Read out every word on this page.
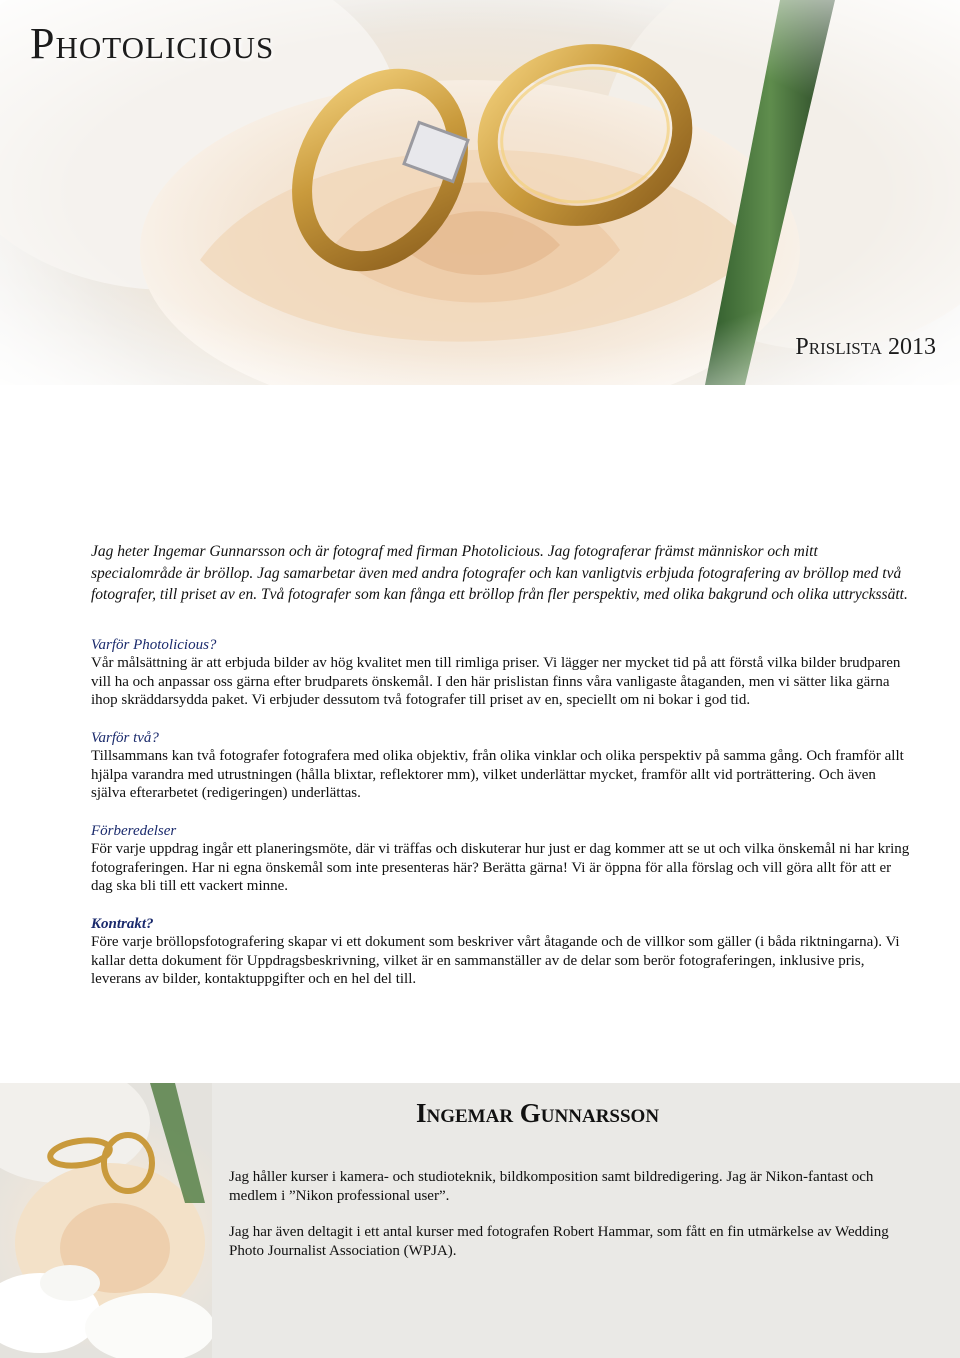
Photolicious
Prislista 2013

Jag heter Ingemar Gunnarsson och är fotograf med firman Photolicious. Jag fotograferar främst människor och mitt specialområde är bröllop. Jag samarbetar även med andra fotografer och kan vanligtvis erbjuda fotografering av bröllop med två fotografer, till priset av en. Två fotografer som kan fånga ett bröllop från fler perspektiv, med olika bakgrund och olika uttryckssätt.

Varför Photolicious?

Vår målsättning är att erbjuda bilder av hög kvalitet men till rimliga priser. Vi lägger ner mycket tid på att förstå vilka bilder brudparen vill ha och anpassar oss gärna efter brudparets önskemål. I den här prislistan finns våra vanligaste åtaganden, men vi sätter lika gärna ihop skräddarsydda paket. Vi erbjuder dessutom två fotografer till priset av en, speciellt om ni bokar i god tid.

Varför två?

Tillsammans kan två fotografer fotografera med olika objektiv, från olika vinklar och olika perspektiv på samma gång. Och framför allt hjälpa varandra med utrustningen (hålla blixtar, reflektorer mm), vilket underlättar mycket, framför allt vid porträttering. Och även själva efterarbetet (redigeringen) underlättas.

Förberedelser

För varje uppdrag ingår ett planeringsmöte, där vi träffas och diskuterar hur just er dag kommer att se ut och vilka önskemål ni har kring fotograferingen. Har ni egna önskemål som inte presenteras här? Berätta gärna! Vi är öppna för alla förslag och vill göra allt för att er dag ska bli till ett vackert minne.

Kontrakt?

Före varje bröllopsfotografering skapar vi ett dokument som beskriver vårt åtagande och de villkor som gäller (i båda riktningarna). Vi kallar detta dokument för Uppdragsbeskrivning, vilket är en sammanställer av de delar som berör fotograferingen, inklusive pris, leverans av bilder, kontaktuppgifter och en hel del till.

Ingemar Gunnarsson

Jag håller kurser i kamera- och studioteknik, bildkomposition samt bildredigering. Jag är Nikon-fantast och medlem i ”Nikon professional user”.

Jag har även deltagit i ett antal kurser med fotografen Robert Hammar, som fått en fin utmärkelse av Wedding Photo Journalist Association (WPJA).
